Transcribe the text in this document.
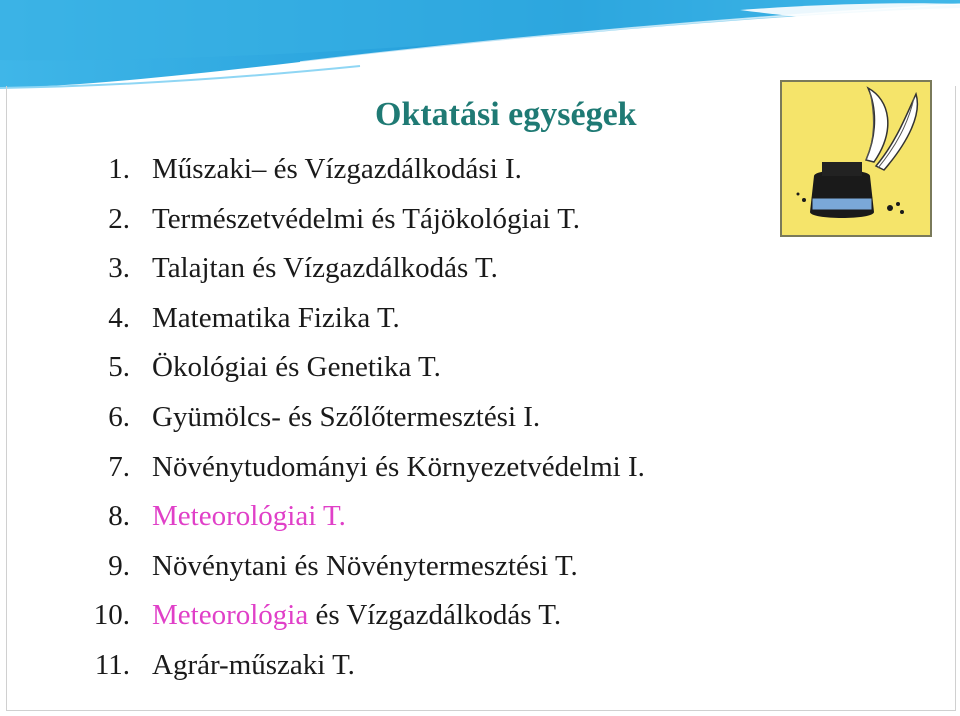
Oktatási egységek
1. Műszaki– és Vízgazdálkodási I.
2. Természetvédelmi és Tájökológiai T.
3. Talajtan és Vízgazdálkodás T.
4. Matematika Fizika T.
5. Ökológiai és Genetika T.
6. Gyümölcs- és Szőlőtermesztési I.
7. Növénytudományi és Környezetvédelmi I.
8. Meteorológiai T.
9. Növénytani és Növénytermesztési T.
10. Meteorológia és Vízgazdálkodás T.
11. Agrár-műszaki T.
